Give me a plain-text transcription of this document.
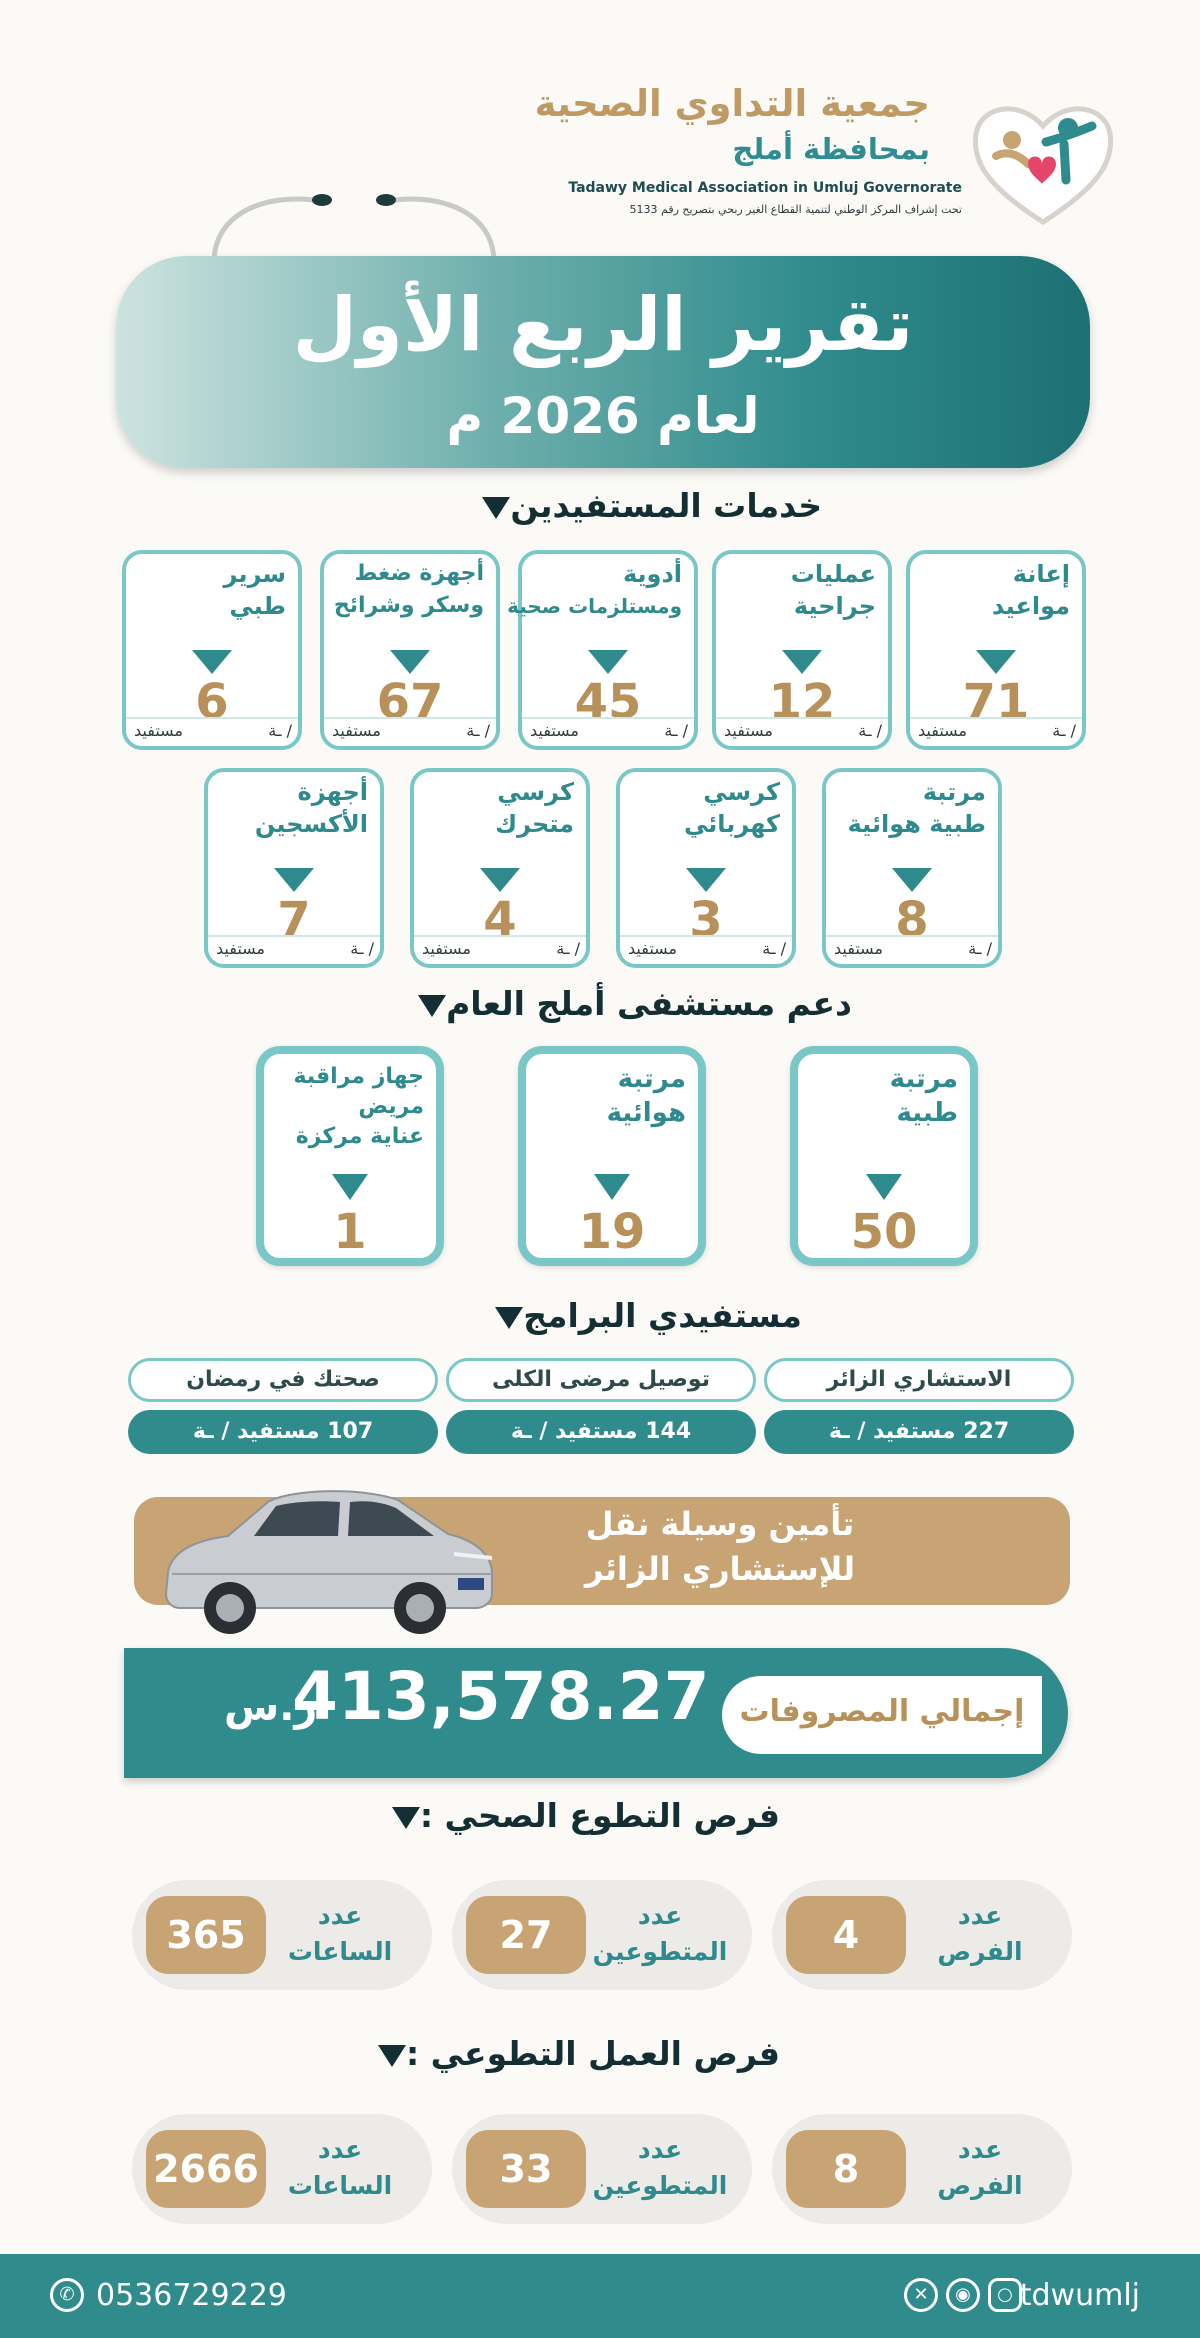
جمعية التداوي الصحية
بمحافظة أملج
Tadawy Medical Association in Umluj Governorate
تحت إشراف المركز الوطني لتنمية القطاع الغير ربحي بتصريح رقم 5133
تقرير الربع الأول
لعام 2026 م
خدمات المستفيدين
إعانة
مواعيد
71
/ ـة
مستفيد
عمليات
جراحية
12
/ ـة
مستفيد
أدوية
ومستلزمات صحية
45
/ ـة
مستفيد
أجهزة ضغط
وسكر وشرائح
67
/ ـة
مستفيد
سرير
طبي
6
/ ـة
مستفيد
مرتبة
طبية هوائية
8
/ ـة
مستفيد
كرسي
كهربائي
3
/ ـة
مستفيد
كرسي
متحرك
4
/ ـة
مستفيد
أجهزة
الأكسجين
7
/ ـة
مستفيد
دعم مستشفى أملج العام
مرتبة
طبية
50
مرتبة
هوائية
19
جهاز مراقبة
مريض
عناية مركزة
1
مستفيدي البرامج
الاستشاري الزائر
227 مستفيد / ـة
توصيل مرضى الكلى
144 مستفيد / ـة
صحتك في رمضان
107 مستفيد / ـة
تأمين وسيلة نقل
للإستشاري الزائر
إجمالي المصروفات
413,578.27
ر.س
فرص التطوع الصحي :
4	عدد
الفرص
27	عدد
المتطوعين
365	عدد
الساعات
فرص العمل التطوعي :
8	عدد
الفرص
33	عدد
المتطوعين
2666	عدد
الساعات
✆ 0536729229	✕	◉	○ tdwumlj
